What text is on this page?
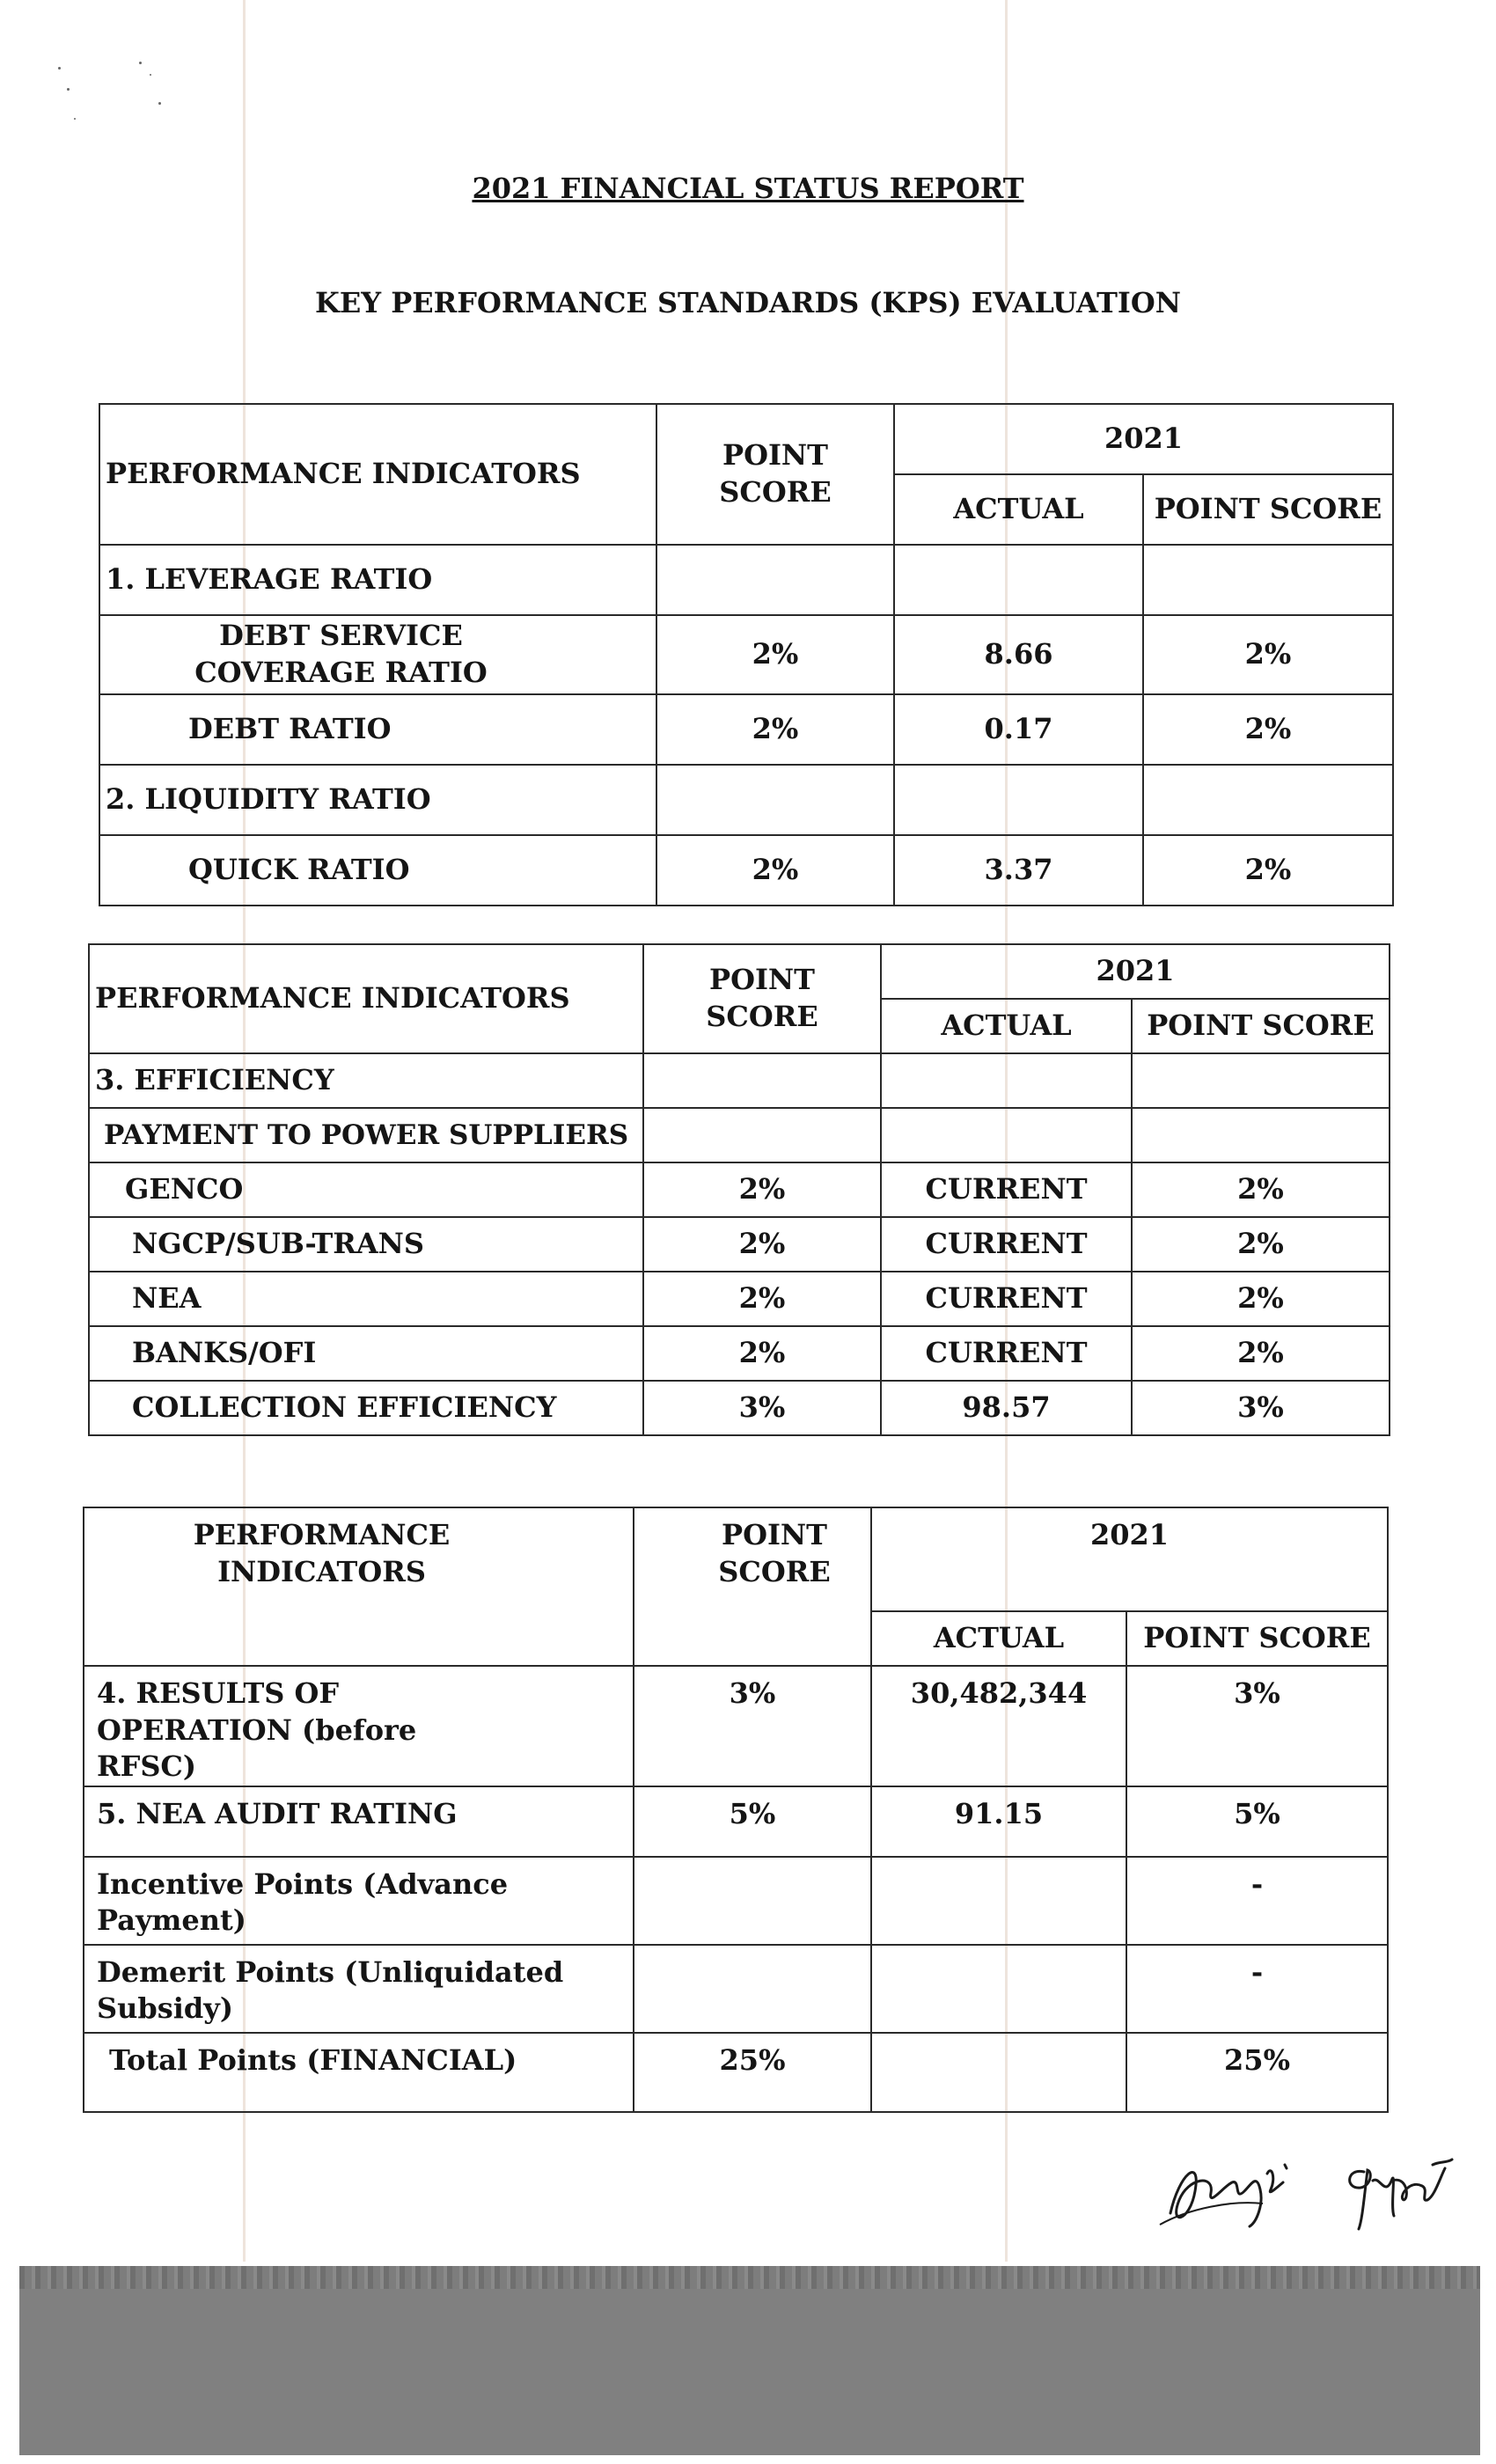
2021 FINANCIAL STATUS REPORT
KEY PERFORMANCE STANDARDS (KPS) EVALUATION
PERFORMANCE INDICATORS	POINT SCORE	2021	
		ACTUAL	POINT SCORE
1. LEVERAGE RATIO			
DEBT SERVICE COVERAGE RATIO	2%	8.66	2%
DEBT RATIO	2%	0.17	2%
2. LIQUIDITY RATIO			
QUICK RATIO	2%	3.37	2%
PERFORMANCE INDICATORS	POINT SCORE	2021	
		ACTUAL	POINT SCORE
3. EFFICIENCY			
PAYMENT TO POWER SUPPLIERS			
GENCO	2%	CURRENT	2%
NGCP/SUB-TRANS	2%	CURRENT	2%
NEA	2%	CURRENT	2%
BANKS/OFI	2%	CURRENT	2%
COLLECTION EFFICIENCY	3%	98.57	3%
PERFORMANCE INDICATORS	POINT SCORE	2021	
		ACTUAL	POINT SCORE
4. RESULTS OF OPERATION (before RFSC)	3%	30,482,344	3%
5. NEA AUDIT RATING	5%	91.15	5%
Incentive Points (Advance Payment)			-
Demerit Points (Unliquidated Subsidy)			-
Total Points (FINANCIAL)	25%		25%
